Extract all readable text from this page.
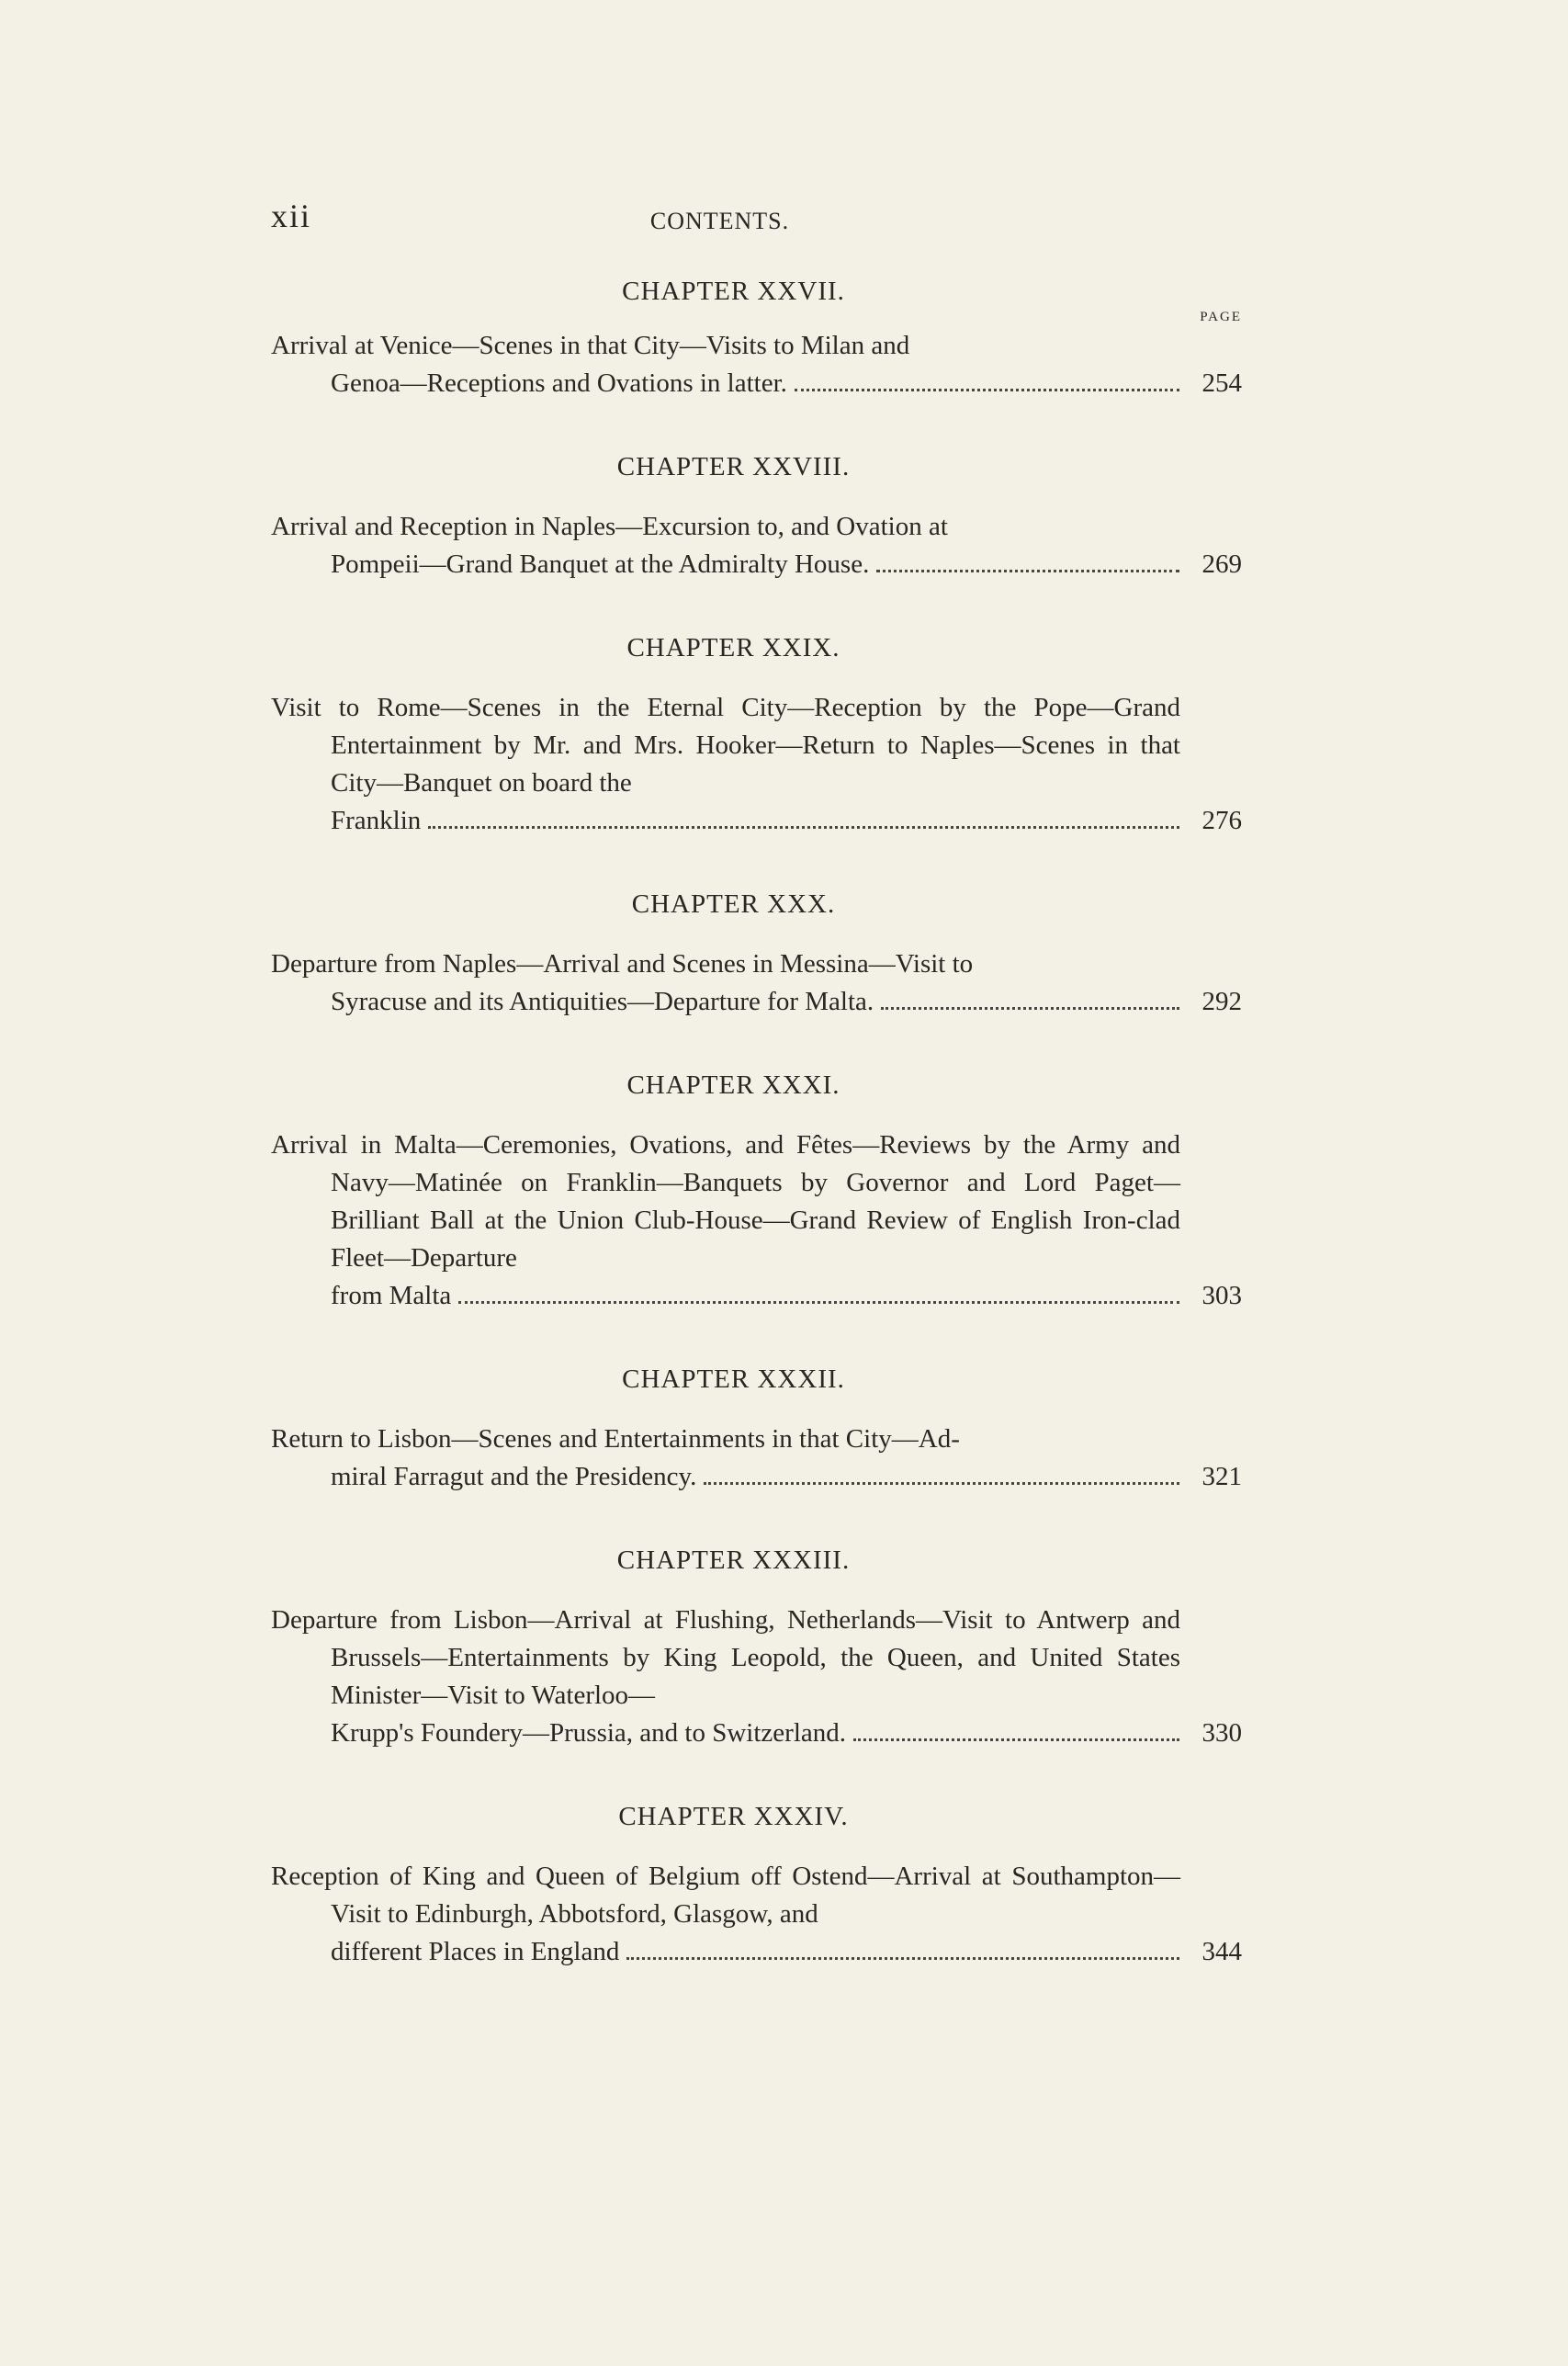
xii	CONTENTS.
CHAPTER XXVII.
PAGE
Arrival at Venice—Scenes in that City—Visits to Milan and
Genoa—Receptions and Ovations in latter.	254
CHAPTER XXVIII.
Arrival and Reception in Naples—Excursion to, and Ovation at
Pompeii—Grand Banquet at the Admiralty House.	269
CHAPTER XXIX.
Visit to Rome—Scenes in the Eternal City—Reception by the Pope—Grand Entertainment by Mr. and Mrs. Hooker—Return to Naples—Scenes in that City—Banquet on board the
Franklin	276
CHAPTER XXX.
Departure from Naples—Arrival and Scenes in Messina—Visit to
Syracuse and its Antiquities—Departure for Malta.	292
CHAPTER XXXI.
Arrival in Malta—Ceremonies, Ovations, and Fêtes—Reviews by the Army and Navy—Matinée on Franklin—Banquets by Governor and Lord Paget—Brilliant Ball at the Union Club-House—Grand Review of English Iron-clad Fleet—Departure
from Malta	303
CHAPTER XXXII.
Return to Lisbon—Scenes and Entertainments in that City—Ad-
miral Farragut and the Presidency.	321
CHAPTER XXXIII.
Departure from Lisbon—Arrival at Flushing, Netherlands—Visit to Antwerp and Brussels—Entertainments by King Leopold, the Queen, and United States Minister—Visit to Waterloo—
Krupp's Foundery—Prussia, and to Switzerland.	330
CHAPTER XXXIV.
Reception of King and Queen of Belgium off Ostend—Arrival at Southampton—Visit to Edinburgh, Abbotsford, Glasgow, and
different Places in England	344
